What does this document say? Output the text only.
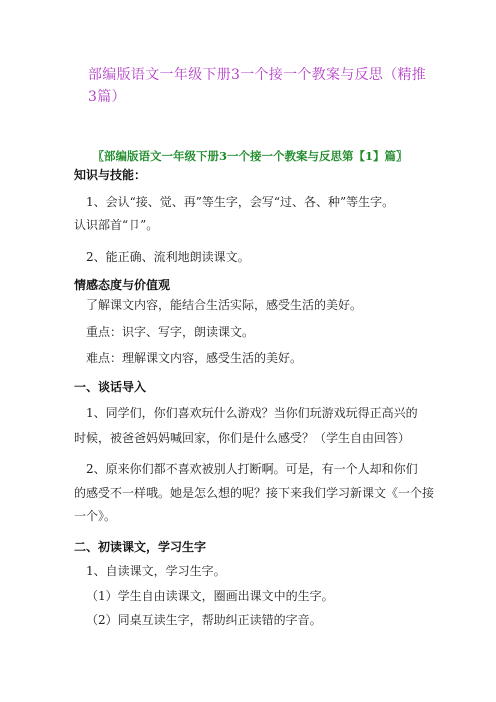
部编版语文一年级下册3一个接一个教案与反思（精推
3篇）
〖部编版语文一年级下册3一个接一个教案与反思第【1】篇〗
知识与技能：
1、会认“接、觉、再”等生字，会写“过、各、种”等生字。
认识部首“卩”。
2、能正确、流利地朗读课文。
情感态度与价值观
了解课文内容，能结合生活实际，感受生活的美好。
重点：识字、写字，朗读课文。
难点：理解课文内容，感受生活的美好。
一、谈话导入
1、同学们，你们喜欢玩什么游戏？当你们玩游戏玩得正高兴的
时候，被爸爸妈妈喊回家，你们是什么感受？（学生自由回答）
2、原来你们都不喜欢被别人打断啊。可是，有一个人却和你们
的感受不一样哦。她是怎么想的呢？接下来我们学习新课文《一个接
一个》。
二、初读课文，学习生字
1、自读课文，学习生字。
（1）学生自由读课文，圈画出课文中的生字。
（2）同桌互读生字，帮助纠正读错的字音。
